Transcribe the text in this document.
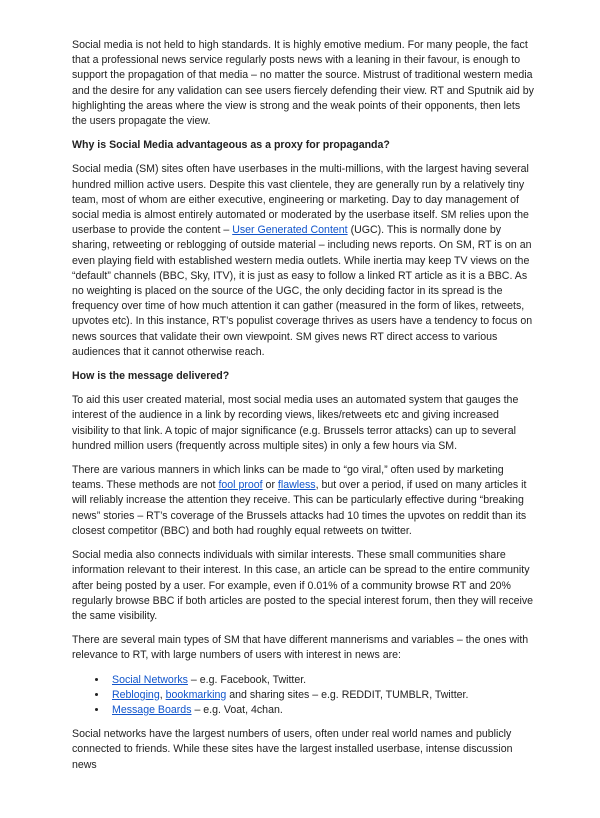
Social media is not held to high standards. It is highly emotive medium. For many people, the fact that a professional news service regularly posts news with a leaning in their favour, is enough to support the propagation of that media – no matter the source. Mistrust of traditional western media and the desire for any validation can see users fiercely defending their view. RT and Sputnik aid by highlighting the areas where the view is strong and the weak points of their opponents, then lets the users propagate the view.

Why is Social Media advantageous as a proxy for propaganda?

Social media (SM) sites often have userbases in the multi-millions, with the largest having several hundred million active users. Despite this vast clientele, they are generally run by a relatively tiny team, most of whom are either executive, engineering or marketing. Day to day management of social media is almost entirely automated or moderated by the userbase itself. SM relies upon the userbase to provide the content – User Generated Content (UGC). This is normally done by sharing, retweeting or reblogging of outside material – including news reports. On SM, RT is on an even playing field with established western media outlets. While inertia may keep TV views on the “default” channels (BBC, Sky, ITV), it is just as easy to follow a linked RT article as it is a BBC. As no weighting is placed on the source of the UGC, the only deciding factor in its spread is the frequency over time of how much attention it can gather (measured in the form of likes, retweets, upvotes etc). In this instance, RT’s populist coverage thrives as users have a tendency to focus on news sources that validate their own viewpoint. SM gives news RT direct access to various audiences that it cannot otherwise reach.

How is the message delivered?

To aid this user created material, most social media uses an automated system that gauges the interest of the audience in a link by recording views, likes/retweets etc and giving increased visibility to that link. A topic of major significance (e.g. Brussels terror attacks) can up to several hundred million users (frequently across multiple sites) in only a few hours via SM.

There are various manners in which links can be made to “go viral,” often used by marketing teams. These methods are not fool proof or flawless, but over a period, if used on many articles it will reliably increase the attention they receive. This can be particularly effective during “breaking news” stories – RT’s coverage of the Brussels attacks had 10 times the upvotes on reddit than its closest competitor (BBC) and both had roughly equal retweets on twitter.

Social media also connects individuals with similar interests. These small communities share information relevant to their interest. In this case, an article can be spread to the entire community after being posted by a user. For example, even if 0.01% of a community browse RT and 20% regularly browse BBC if both articles are posted to the special interest forum, then they will receive the same visibility.

There are several main types of SM that have different mannerisms and variables – the ones with relevance to RT, with large numbers of users with interest in news are:

• Social Networks – e.g. Facebook, Twitter.
• Rebloging, bookmarking and sharing sites – e.g. REDDIT, TUMBLR, Twitter.
• Message Boards – e.g. Voat, 4chan.

Social networks have the largest numbers of users, often under real world names and publicly connected to friends. While these sites have the largest installed userbase, intense discussion news
